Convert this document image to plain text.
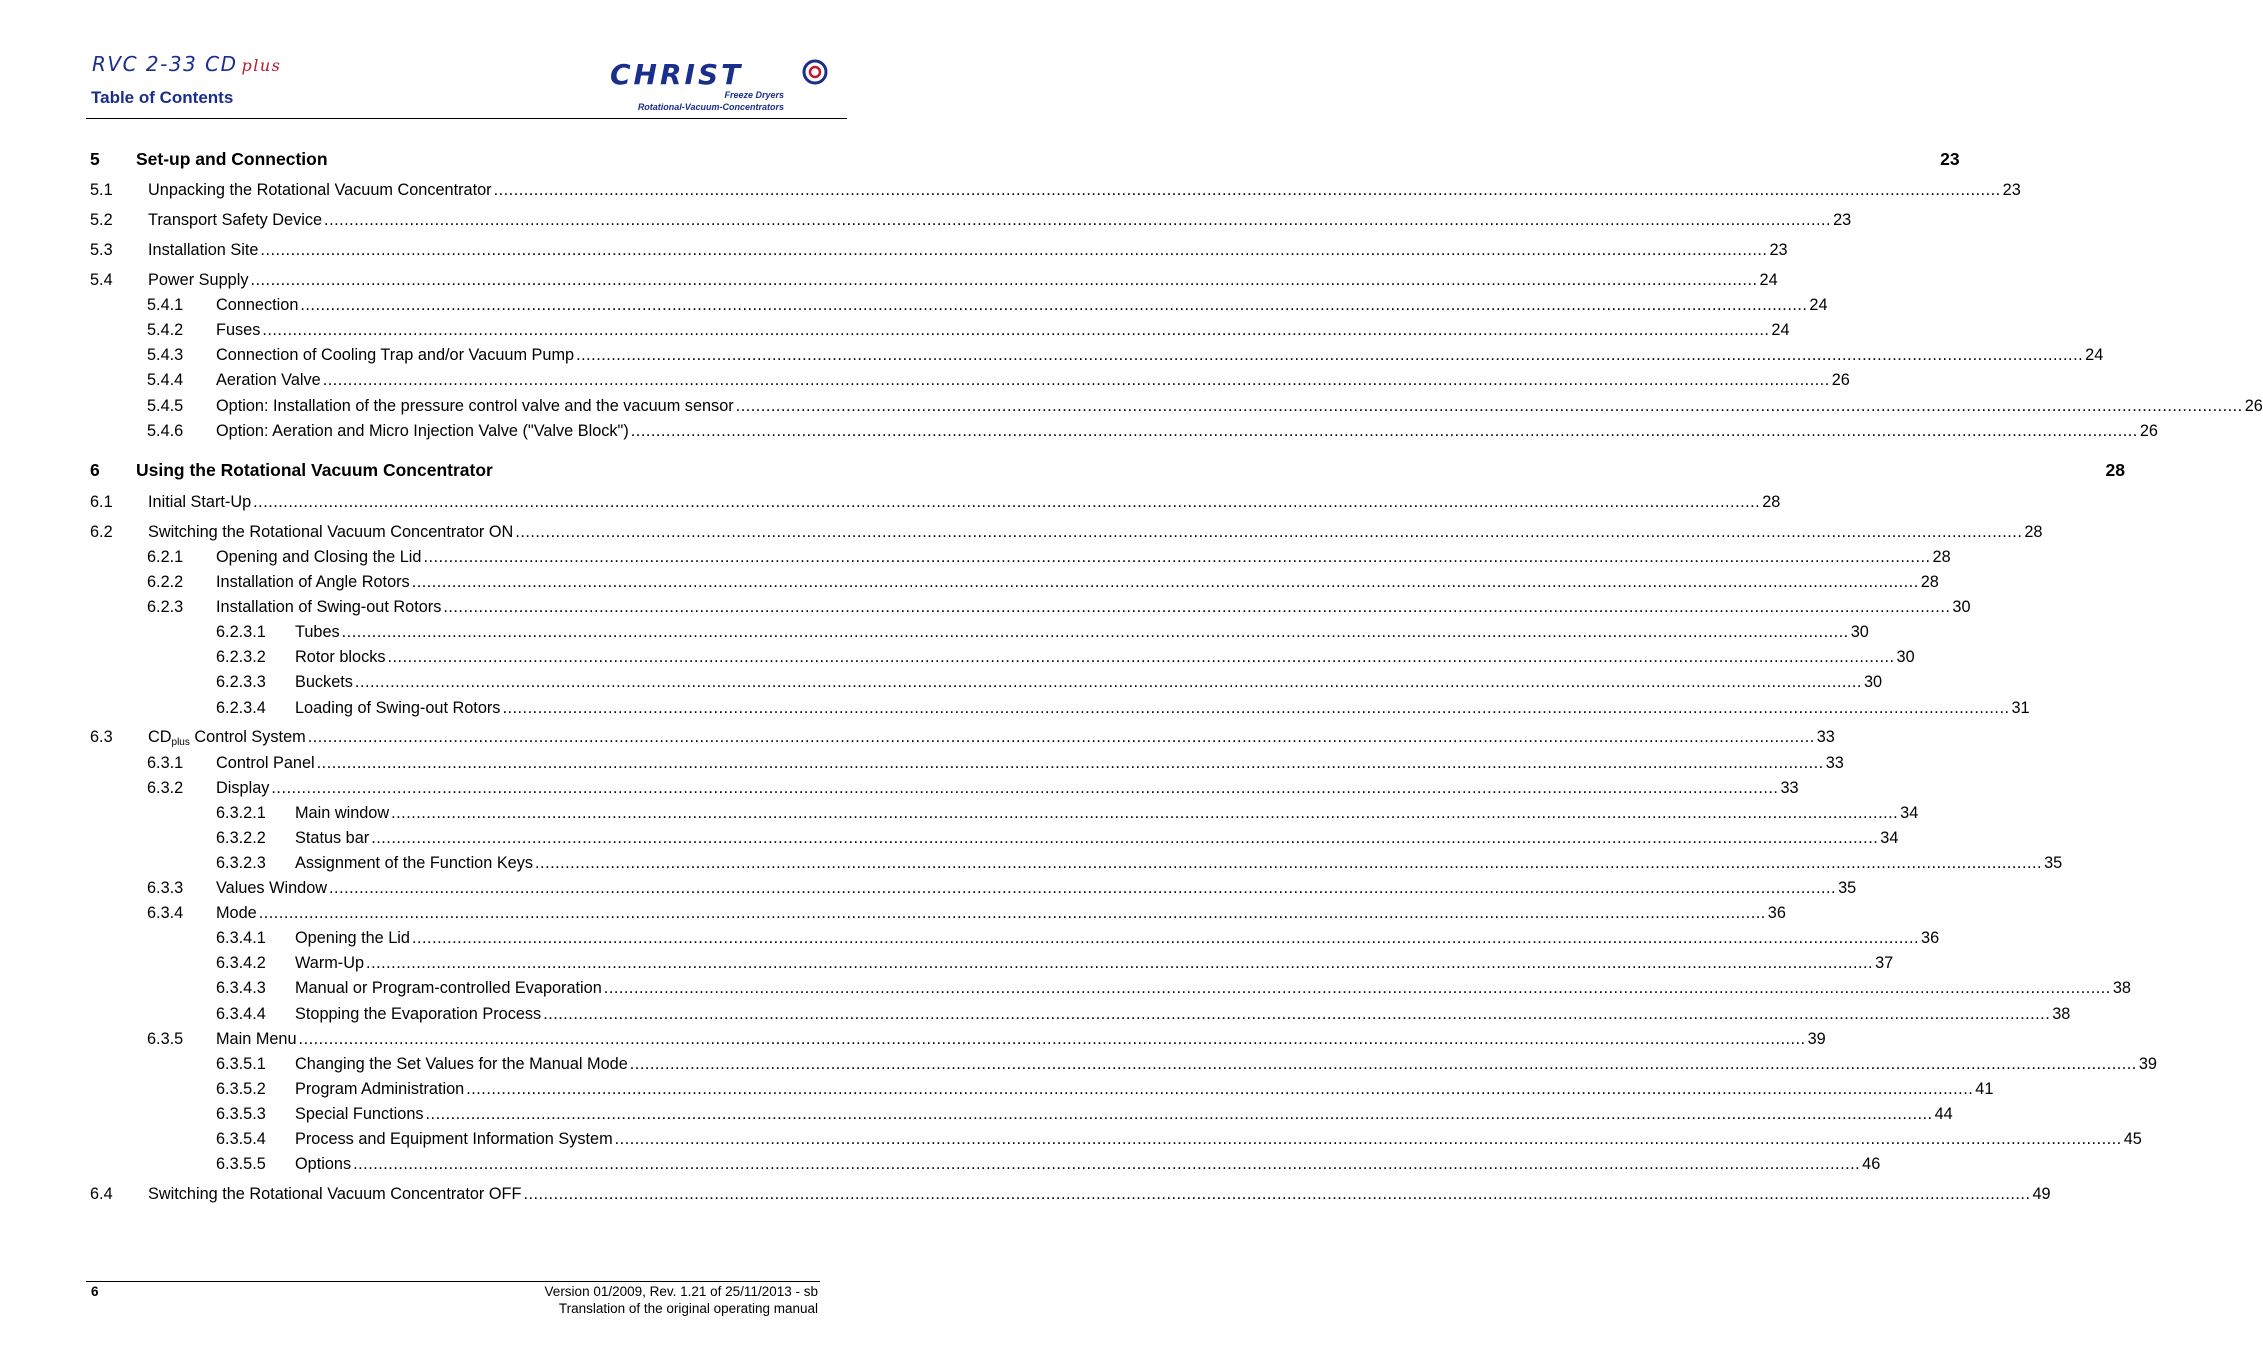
RVC 2-33 CD plus
Table of Contents
CHRIST
Freeze Dryers
Rotational-Vacuum-Concentrators
5 Set-up and Connection	23
5.1 Unpacking the Rotational Vacuum Concentrator ............................................................................................................................................................................................................................................................................................................ 23
5.2 Transport Safety Device ............................................................................................................................................................................................................................................................................................................ 23
5.3 Installation Site ............................................................................................................................................................................................................................................................................................................ 23
5.4 Power Supply ............................................................................................................................................................................................................................................................................................................ 24
5.4.1 Connection ............................................................................................................................................................................................................................................................................................................ 24
5.4.2 Fuses ............................................................................................................................................................................................................................................................................................................ 24
5.4.3 Connection of Cooling Trap and/or Vacuum Pump ............................................................................................................................................................................................................................................................................................................ 24
5.4.4 Aeration Valve ............................................................................................................................................................................................................................................................................................................ 26
5.4.5 Option: Installation of the pressure control valve and the vacuum sensor ............................................................................................................................................................................................................................................................................................................ 26
5.4.6 Option: Aeration and Micro Injection Valve ("Valve Block") ............................................................................................................................................................................................................................................................................................................ 26
6 Using the Rotational Vacuum Concentrator	28
6.1 Initial Start-Up ............................................................................................................................................................................................................................................................................................................ 28
6.2 Switching the Rotational Vacuum Concentrator ON ............................................................................................................................................................................................................................................................................................................ 28
6.2.1 Opening and Closing the Lid ............................................................................................................................................................................................................................................................................................................ 28
6.2.2 Installation of Angle Rotors ............................................................................................................................................................................................................................................................................................................ 28
6.2.3 Installation of Swing-out Rotors ............................................................................................................................................................................................................................................................................................................ 30
6.2.3.1 Tubes ............................................................................................................................................................................................................................................................................................................ 30
6.2.3.2 Rotor blocks ............................................................................................................................................................................................................................................................................................................ 30
6.2.3.3 Buckets ............................................................................................................................................................................................................................................................................................................ 30
6.2.3.4 Loading of Swing-out Rotors ............................................................................................................................................................................................................................................................................................................ 31
6.3 $CD_{plus}$ Control System ............................................................................................................................................................................................................................................................................................................ 33
6.3.1 Control Panel ............................................................................................................................................................................................................................................................................................................ 33
6.3.2 Display ............................................................................................................................................................................................................................................................................................................ 33
6.3.2.1 Main window ............................................................................................................................................................................................................................................................................................................ 34
6.3.2.2 Status bar ............................................................................................................................................................................................................................................................................................................ 34
6.3.2.3 Assignment of the Function Keys ............................................................................................................................................................................................................................................................................................................ 35
6.3.3 Values Window ............................................................................................................................................................................................................................................................................................................ 35
6.3.4 Mode ............................................................................................................................................................................................................................................................................................................ 36
6.3.4.1 Opening the Lid ............................................................................................................................................................................................................................................................................................................ 36
6.3.4.2 Warm-Up ............................................................................................................................................................................................................................................................................................................ 37
6.3.4.3 Manual or Program-controlled Evaporation ............................................................................................................................................................................................................................................................................................................ 38
6.3.4.4 Stopping the Evaporation Process ............................................................................................................................................................................................................................................................................................................ 38
6.3.5 Main Menu ............................................................................................................................................................................................................................................................................................................ 39
6.3.5.1 Changing the Set Values for the Manual Mode ............................................................................................................................................................................................................................................................................................................ 39
6.3.5.2 Program Administration ............................................................................................................................................................................................................................................................................................................ 41
6.3.5.3 Special Functions ............................................................................................................................................................................................................................................................................................................ 44
6.3.5.4 Process and Equipment Information System ............................................................................................................................................................................................................................................................................................................ 45
6.3.5.5 Options ............................................................................................................................................................................................................................................................................................................ 46
6.4 Switching the Rotational Vacuum Concentrator OFF ............................................................................................................................................................................................................................................................................................................ 49
6	Version 01/2009, Rev. 1.21 of 25/11/2013 - sb
Translation of the original operating manual
